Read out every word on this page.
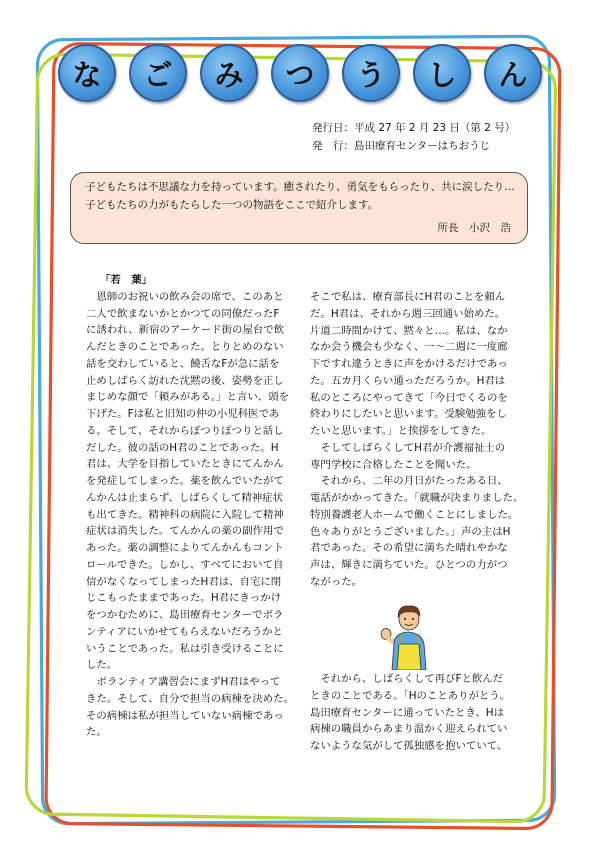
な	ご	み	つ	う	し	ん
発行日：平成 27 年 2 月 23 日（第 2 号）
発　行：島田療育センターはちおうじ
子どもたちは不思議な力を持っています。癒されたり、勇気をもらったり、共に涙したり…
子どもたちの力がもたらした一つの物語をここで紹介します。
所長　小沢　浩
「若　葉」
　恩師のお祝いの飲み会の席で、このあと
二人で飲まないかとかつての同僚だったF
に誘われ、新宿のアーケード街の屋台で飲
んだときのことであった。とりとめのない
話を交わしていると、饒舌なFが急に話を
止めしばらく訪れた沈黙の後、姿勢を正し
まじめな顔で「頼みがある。」と言い、頭を
下げた。Fは私と旧知の仲の小児科医であ
る。そして、それからぽつりぽつりと話し
だした。彼の話のH君のことであった。H
君は、大学を目指していたときにてんかん
を発症してしまった。薬を飲んでいたがて
んかんは止まらず、しばらくして精神症状
も出てきた。精神科の病院に入院して精神
症状は消失した。てんかんの薬の副作用で
あった。薬の調整によりてんかんもコント
ロールできた。しかし、すべてにおいて自
信がなくなってしまったH君は、自宅に閉
じこもったままであった。H君にきっかけ
をつかむために、島田療育センターでボラ
ンティアにいかせてもらえないだろうかと
いうことであった。私は引き受けることに
した。
　ボランティア講習会にまずH君はやって
きた。そして、自分で担当の病棟を決めた。
その病棟は私が担当していない病棟であっ
た。
そこで私は、療育部長にH君のことを頼ん
だ。H君は、それから週三回通い始めた。
片道二時間かけて、黙々と…。私は、なか
なか会う機会も少なく、一～二週に一度廊
下ですれ違うときに声をかけるだけであっ
た。五カ月くらい通っただろうか。H君は
私のところにやってきて「今日でくるのを
終わりにしたいと思います。受験勉強をし
たいと思います。」と挨拶をしてきた。
　そしてしばらくしてH君が介護福祉士の
専門学校に合格したことを聞いた。
　それから、二年の月日がたったある日、
電話がかかってきた。「就職が決まりました。
特別養護老人ホームで働くことにしました。
色々ありがとうございました。」声の主はH
君であった。その希望に満ちた晴れやかな
声は、輝きに満ちていた。ひとつの力がつ
ながった。
　それから、しばらくして再びFと飲んだ
ときのことである。「Hのことありがとう。
島田療育センターに通っていたとき、Hは
病棟の職員からあまり温かく迎えられてい
ないような気がして孤独感を抱いていて、
